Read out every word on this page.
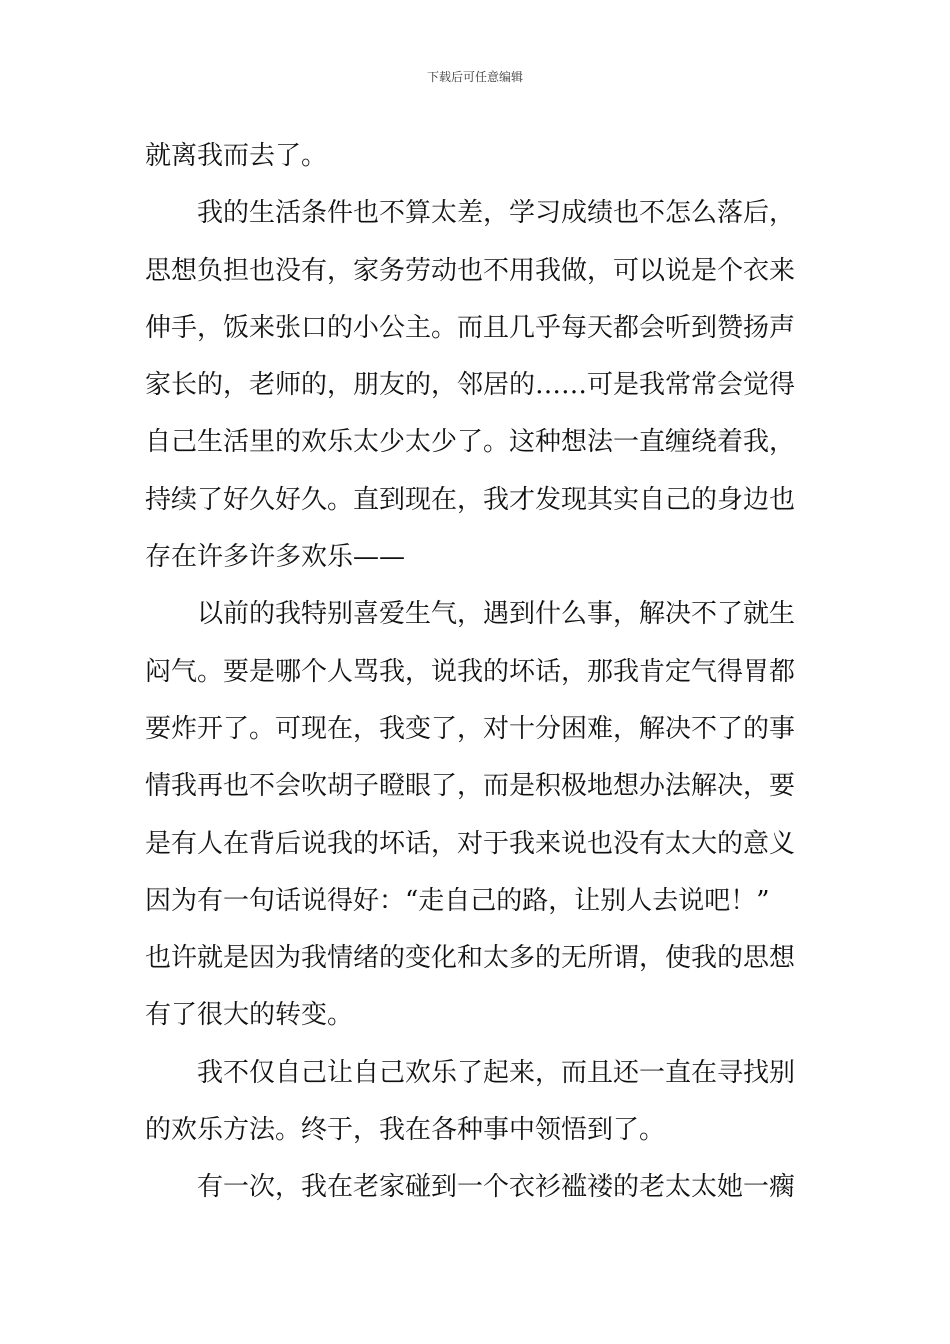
下载后可任意编辑
就离我而去了。
我的生活条件也不算太差，学习成绩也不怎么落后，
思想负担也没有，家务劳动也不用我做，可以说是个衣来
伸手，饭来张口的小公主。而且几乎每天都会听到赞扬声
家长的，老师的，朋友的，邻居的……可是我常常会觉得
自己生活里的欢乐太少太少了。这种想法一直缠绕着我，
持续了好久好久。直到现在，我才发现其实自己的身边也
存在许多许多欢乐——
以前的我特别喜爱生气，遇到什么事，解决不了就生
闷气。要是哪个人骂我，说我的坏话，那我肯定气得胃都
要炸开了。可现在，我变了，对十分困难，解决不了的事
情我再也不会吹胡子瞪眼了，而是积极地想办法解决，要
是有人在背后说我的坏话，对于我来说也没有太大的意义
因为有一句话说得好：“走自己的路，让别人去说吧！”
也许就是因为我情绪的变化和太多的无所谓，使我的思想
有了很大的转变。
我不仅自己让自己欢乐了起来，而且还一直在寻找别
的欢乐方法。终于，我在各种事中领悟到了。
有一次，我在老家碰到一个衣衫褴褛的老太太她一瘸
